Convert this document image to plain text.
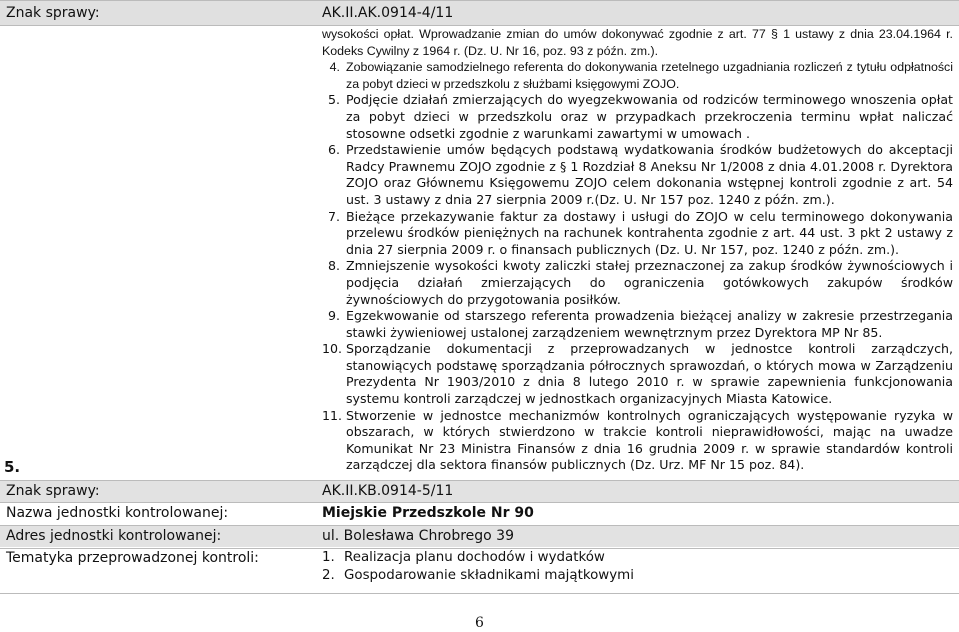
Znak sprawy:	AK.II.AK.0914-4/11
wysokości opłat. Wprowadzanie zmian do umów dokonywać zgodnie z art. 77 § 1 ustawy z dnia 23.04.1964 r. Kodeks Cywilny z 1964 r. (Dz. U. Nr 16, poz. 93 z późn. zm.).
4. Zobowiązanie samodzielnego referenta do dokonywania rzetelnego uzgadniania rozliczeń z tytułu odpłatności za pobyt dzieci w przedszkolu z służbami księgowymi ZOJO.
5. Podjęcie działań zmierzających do wyegzekwowania od rodziców terminowego wnoszenia opłat za pobyt dzieci w przedszkolu oraz w przypadkach przekroczenia terminu wpłat naliczać stosowne odsetki zgodnie z warunkami zawartymi w umowach .
6. Przedstawienie umów będących podstawą wydatkowania środków budżetowych do akceptacji Radcy Prawnemu ZOJO zgodnie z § 1 Rozdział 8 Aneksu Nr 1/2008 z dnia 4.01.2008 r. Dyrektora ZOJO oraz Głównemu Księgowemu ZOJO celem dokonania wstępnej kontroli zgodnie z art. 54 ust. 3 ustawy z dnia 27 sierpnia 2009 r.(Dz. U. Nr 157 poz. 1240 z późn. zm.).
7. Bieżące przekazywanie faktur za dostawy i usługi do ZOJO w celu terminowego dokonywania przelewu środków pieniężnych na rachunek kontrahenta zgodnie z art. 44 ust. 3 pkt 2 ustawy z dnia 27 sierpnia 2009 r. o finansach publicznych (Dz. U. Nr 157, poz. 1240 z późn. zm.).
8. Zmniejszenie wysokości kwoty zaliczki stałej przeznaczonej za zakup środków żywnościowych i podjęcia działań zmierzających do ograniczenia gotówkowych zakupów środków żywnościowych do przygotowania posiłków.
9. Egzekwowanie od starszego referenta prowadzenia bieżącej analizy w zakresie przestrzegania stawki żywieniowej ustalonej zarządzeniem wewnętrznym przez Dyrektora MP Nr 85.
10. Sporządzanie dokumentacji z przeprowadzanych w jednostce kontroli zarządczych, stanowiących podstawę sporządzania półrocznych sprawozdań, o których mowa w Zarządzeniu Prezydenta Nr 1903/2010 z dnia 8 lutego 2010 r. w sprawie zapewnienia funkcjonowania systemu kontroli zarządczej w jednostkach organizacyjnych Miasta Katowice.
11. Stworzenie w jednostce mechanizmów kontrolnych ograniczających występowanie ryzyka w obszarach, w których stwierdzono w trakcie kontroli nieprawidłowości, mając na uwadze Komunikat Nr 23 Ministra Finansów z dnia 16 grudnia 2009 r. w sprawie standardów kontroli zarządczej dla sektora finansów publicznych (Dz. Urz. MF Nr 15 poz. 84).
5.
Znak sprawy:	AK.II.KB.0914-5/11
Nazwa jednostki kontrolowanej:	Miejskie Przedszkole Nr 90
Adres jednostki kontrolowanej:	ul. Bolesława Chrobrego 39
Tematyka przeprowadzonej kontroli:	1. Realizacja planu dochodów i wydatków
2. Gospodarowanie składnikami majątkowymi
6
